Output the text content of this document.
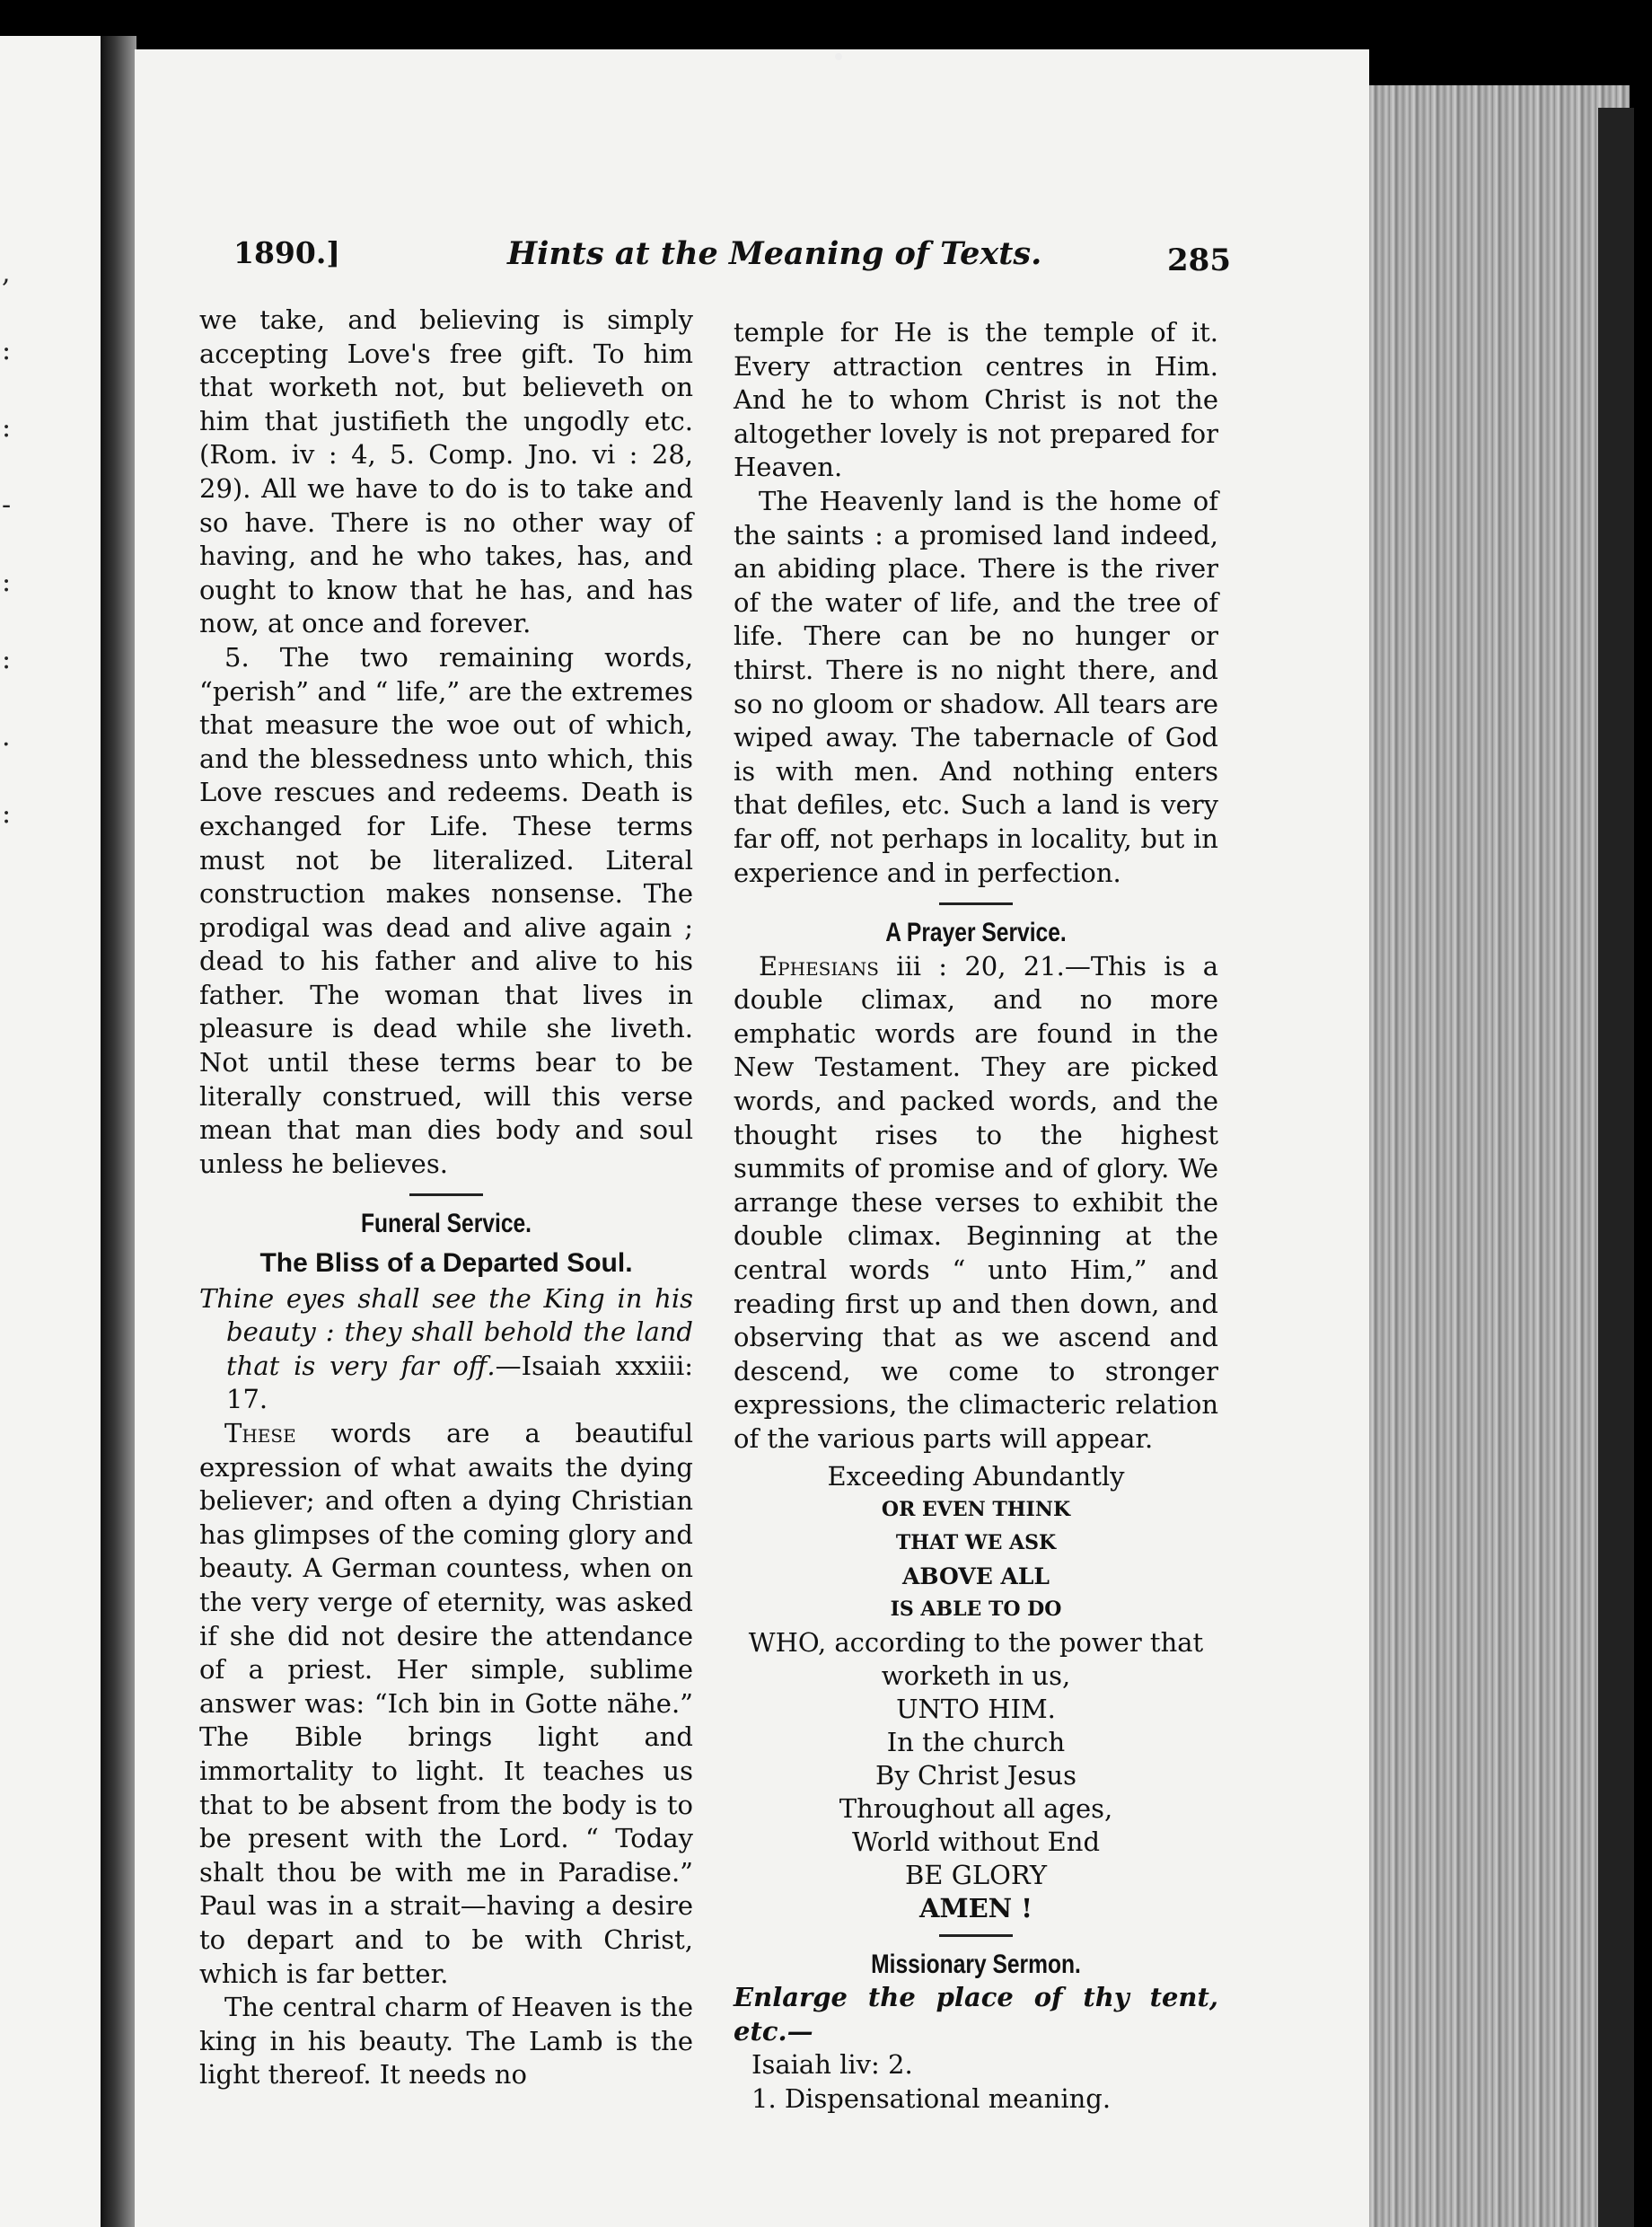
,
:
:
-
:
:
.
:
1890.]	Hints at the Meaning of Texts.	285

we take, and believing is simply accepting Love's free gift. To him that worketh not, but believeth on him that justifieth the ungodly etc. (Rom. iv : 4, 5. Comp. Jno. vi : 28, 29). All we have to do is to take and so have. There is no other way of having, and he who takes, has, and ought to know that he has, and has now, at once and forever.

5. The two remaining words, “perish” and “ life,” are the extremes that measure the woe out of which, and the blessedness unto which, this Love rescues and redeems. Death is exchanged for Life. These terms must not be literalized. Literal construction makes nonsense. The prodigal was dead and alive again ; dead to his father and alive to his father. The woman that lives in pleasure is dead while she liveth. Not until these terms bear to be literally construed, will this verse mean that man dies body and soul unless he believes.

Funeral Service.
The Bliss of a Departed Soul.

Thine eyes shall see the King in his beauty : they shall behold the land that is very far off.—Isaiah xxxiii: 17.

These words are a beautiful expression of what awaits the dying believer; and often a dying Christian has glimpses of the coming glory and beauty. A German countess, when on the very verge of eternity, was asked if she did not desire the attendance of a priest. Her simple, sublime answer was: “Ich bin in Gotte nähe.” The Bible brings light and immortality to light. It teaches us that to be absent from the body is to be present with the Lord. “ Today shalt thou be with me in Paradise.” Paul was in a strait—having a desire to depart and to be with Christ, which is far better.

The central charm of Heaven is the king in his beauty. The Lamb is the light thereof. It needs no

temple for He is the temple of it. Every attraction centres in Him. And he to whom Christ is not the altogether lovely is not prepared for Heaven.

The Heavenly land is the home of the saints : a promised land indeed, an abiding place. There is the river of the water of life, and the tree of life. There can be no hunger or thirst. There is no night there, and so no gloom or shadow. All tears are wiped away. The tabernacle of God is with men. And nothing enters that defiles, etc. Such a land is very far off, not perhaps in locality, but in experience and in perfection.

A Prayer Service.

Ephesians iii : 20, 21.—This is a double climax, and no more emphatic words are found in the New Testament. They are picked words, and packed words, and the thought rises to the highest summits of promise and of glory. We arrange these verses to exhibit the double climax. Beginning at the central words “ unto Him,” and reading first up and then down, and observing that as we ascend and descend, we come to stronger expressions, the climacteric relation of the various parts will appear.

Exceeding Abundantly
OR EVEN THINK
THAT WE ASK
ABOVE ALL
IS ABLE TO DO
WHO, according to the power that
worketh in us,
UNTO HIM.
In the church
By Christ Jesus
Throughout all ages,
World without End
BE GLORY
AMEN !
Missionary Sermon.

Enlarge the place of thy tent, etc.—
Isaiah liv: 2.

1. Dispensational meaning.
